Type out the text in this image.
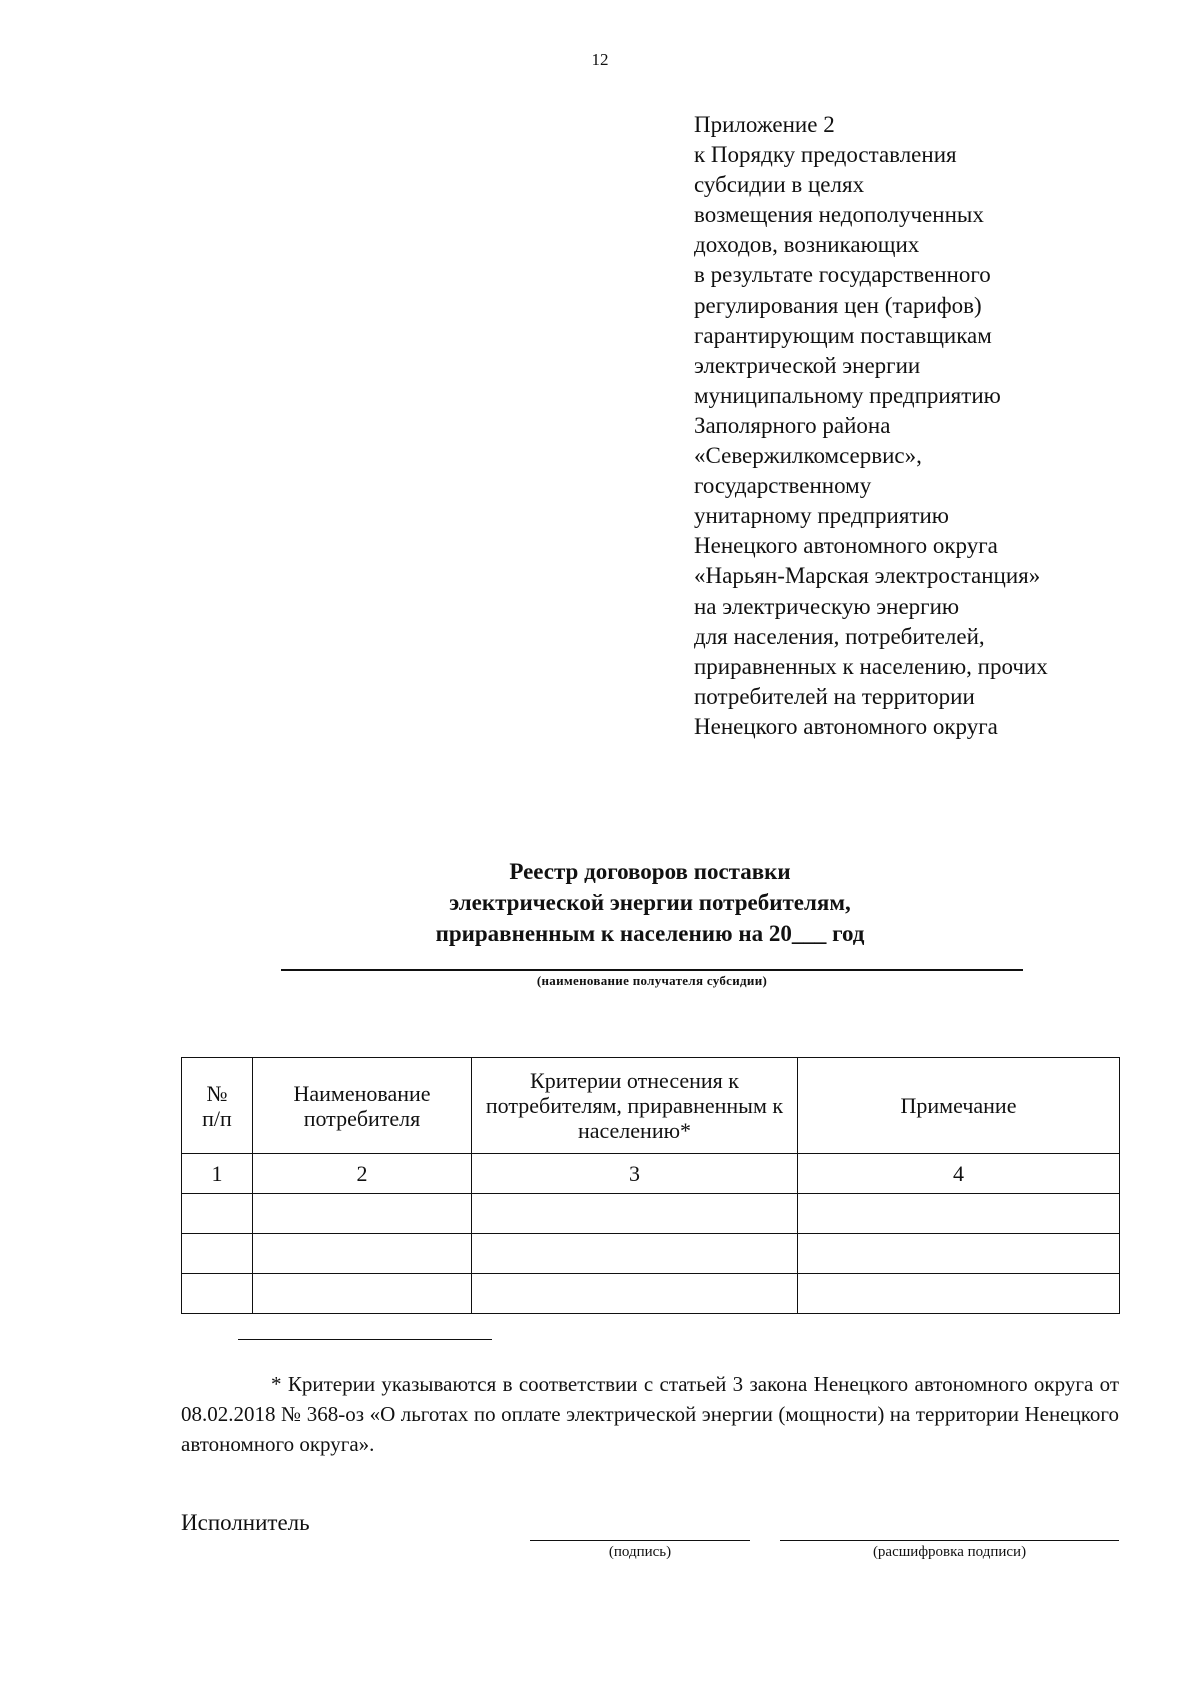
12
Приложение 2
к Порядку предоставления
субсидии в целях
возмещения недополученных
доходов, возникающих
в результате государственного
регулирования цен (тарифов)
гарантирующим поставщикам
электрической энергии
муниципальному предприятию
Заполярного района
«Севержилкомсервис»,
государственному
унитарному предприятию
Ненецкого автономного округа
«Нарьян-Марская электростанция»
на электрическую энергию
для населения, потребителей,
приравненных к населению, прочих
потребителей на территории
Ненецкого автономного округа
Реестр договоров поставки
электрической энергии потребителям,
приравненным к населению на 20___ год
(наименование получателя субсидии)
№ п/п	Наименование потребителя	Критерии отнесения к потребителям, приравненным к населению*	Примечание
1	2	3	4

* Критерии указываются в соответствии с статьей 3 закона Ненецкого автономного округа от 08.02.2018 № 368-оз «О льготах по оплате электрической энергии (мощности) на территории Ненецкого автономного округа».
Исполнитель
(подпись)	(расшифровка подписи)
